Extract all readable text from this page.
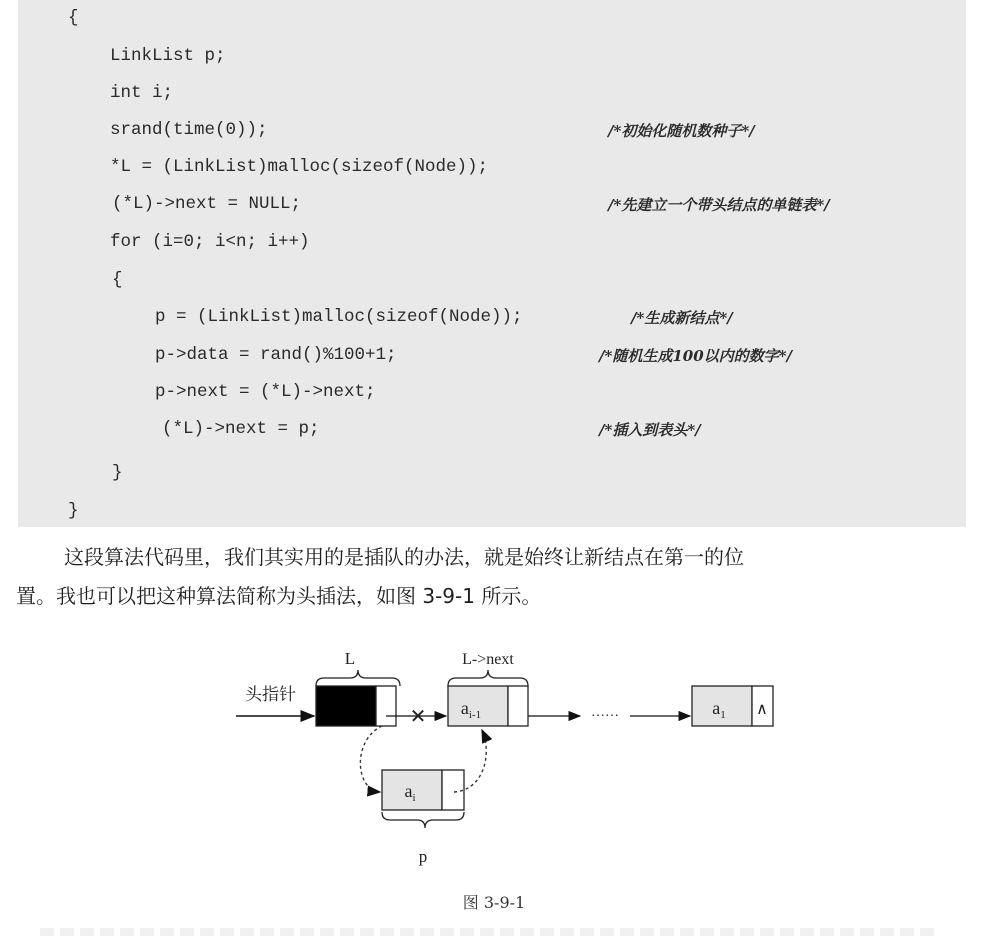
{
LinkList p;
int i;
srand(time(0));
*L = (LinkList)malloc(sizeof(Node));
(*L)->next = NULL;
for (i=0; i<n; i++)
{
p = (LinkList)malloc(sizeof(Node));
p->data = rand()%100+1;
p->next = (*L)->next;
(*L)->next = p;
}
}
/*初始化随机数种子*/
/*先建立一个带头结点的单链表*/
/*生成新结点*/
/*随机生成100以内的数字*/
/*插入到表头*/
这段算法代码里，我们其实用的是插队的办法，就是始终让新结点在第一的位
置。我也可以把这种算法简称为头插法，如图 3-9-1 所示。
头指针
L
✕
L->next
$a_{i-1}$	……	$a_1$ ∧
$a_i$
p
图 3-9-1
